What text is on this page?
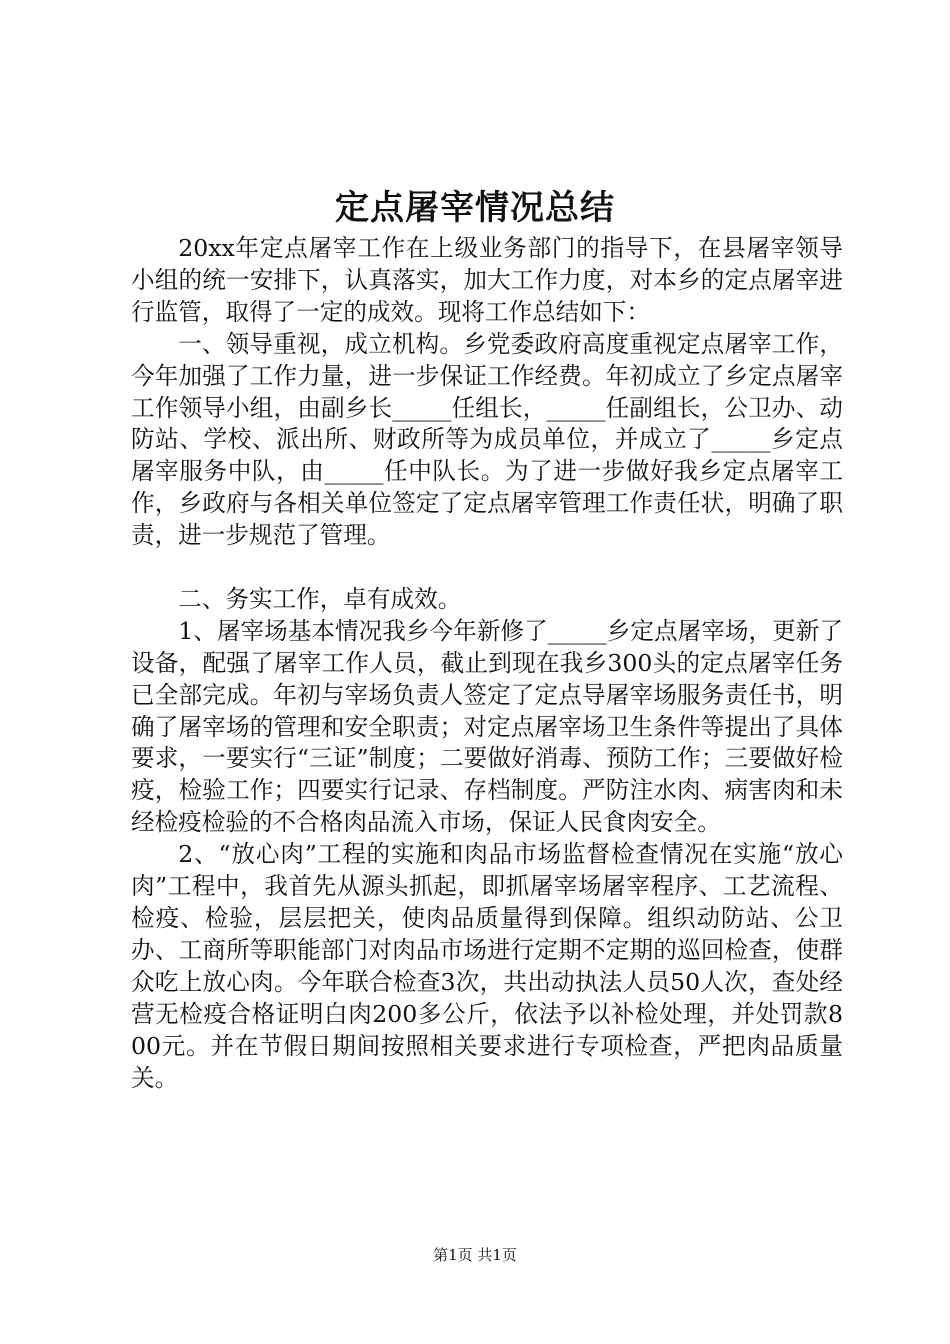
定点屠宰情况总结

20xx年定点屠宰工作在上级业务部门的指导下，在县屠宰领导小组的统一安排下，认真落实，加大工作力度，对本乡的定点屠宰进行监管，取得了一定的成效。现将工作总结如下：

一、领导重视，成立机构。乡党委政府高度重视定点屠宰工作，今年加强了工作力量，进一步保证工作经费。年初成立了乡定点屠宰工作领导小组，由副乡长_____任组长，_____任副组长，公卫办、动防站、学校、派出所、财政所等为成员单位，并成立了_____乡定点屠宰服务中队，由_____任中队长。为了进一步做好我乡定点屠宰工作，乡政府与各相关单位签定了定点屠宰管理工作责任状，明确了职责，进一步规范了管理。

二、务实工作，卓有成效。

1、屠宰场基本情况我乡今年新修了_____乡定点屠宰场，更新了设备，配强了屠宰工作人员，截止到现在我乡300头的定点屠宰任务已全部完成。年初与宰场负责人签定了定点导屠宰场服务责任书，明确了屠宰场的管理和安全职责；对定点屠宰场卫生条件等提出了具体要求，一要实行“三证”制度；二要做好消毒、预防工作；三要做好检疫，检验工作；四要实行记录、存档制度。严防注水肉、病害肉和未经检疫检验的不合格肉品流入市场，保证人民食肉安全。

2、“放心肉”工程的实施和肉品市场监督检查情况在实施“放心肉”工程中，我首先从源头抓起，即抓屠宰场屠宰程序、工艺流程、检疫、检验，层层把关，使肉品质量得到保障。组织动防站、公卫办、工商所等职能部门对肉品市场进行定期不定期的巡回检查，使群众吃上放心肉。今年联合检查3次，共出动执法人员50人次，查处经营无检疫合格证明白肉200多公斤，依法予以补检处理，并处罚款800元。并在节假日期间按照相关要求进行专项检查，严把肉品质量关。

第1页 共1页
